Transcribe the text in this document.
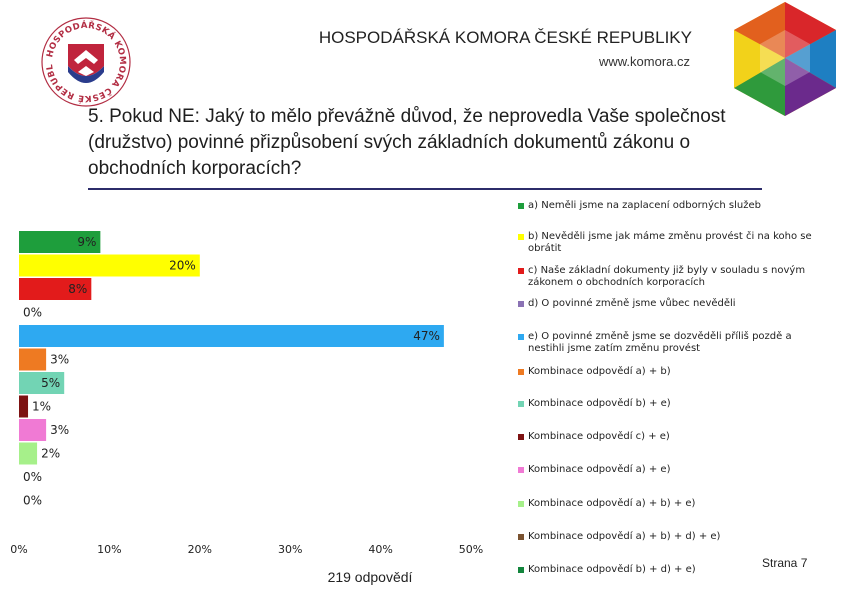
HOSPODÁŘSKÁ KOMORA ČESKÉ REPUBL
HOSPODÁŘSKÁ KOMORA ČESKÉ REPUBLIKY
www.komora.cz
5. Pokud NE: Jaký to mělo převážně důvod, že neprovedla Vaše společnost (družstvo) povinné přizpůsobení svých základních dokumentů zákonu o obchodních korporacích?
9%
20%
8%
0%
47%
3%
5%
1%
3%
2%
0%
0%
0%	10%	20%	30%	40%	50%
a) Neměli jsme na zaplacení odborných služeb
b) Nevěděli jsme jak máme změnu provést či na koho se obrátit
c) Naše základní dokumenty již byly v souladu s novým zákonem o obchodních korporacích
d) O povinné změně jsme vůbec nevěděli
e) O povinné změně jsme se dozvěděli příliš pozdě a nestihli jsme zatím změnu provést
Kombinace odpovědí a) + b)
Kombinace odpovědí b) + e)
Kombinace odpovědí c) + e)
Kombinace odpovědí a) + e)
Kombinace odpovědí a) + b) + e)
Kombinace odpovědí a) + b) + d) + e)
Kombinace odpovědí b) + d) + e)
219 odpovědí
Strana 7
